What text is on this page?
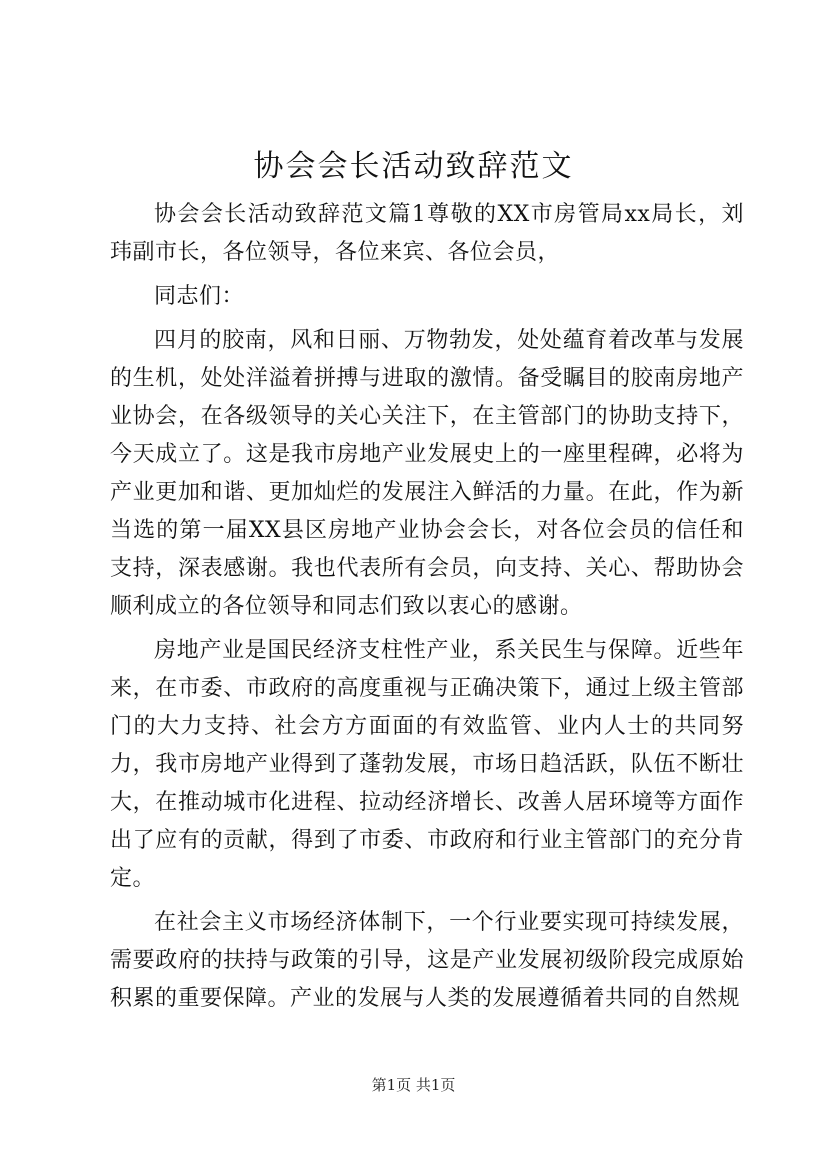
协会会长活动致辞范文

协会会长活动致辞范文篇1尊敬的XX市房管局xx局长，刘玮副市长，各位领导，各位来宾、各位会员，

同志们：

四月的胶南，风和日丽、万物勃发，处处蕴育着改革与发展的生机，处处洋溢着拼搏与进取的激情。备受瞩目的胶南房地产业协会，在各级领导的关心关注下，在主管部门的协助支持下，今天成立了。这是我市房地产业发展史上的一座里程碑，必将为产业更加和谐、更加灿烂的发展注入鲜活的力量。在此，作为新当选的第一届XX县区房地产业协会会长，对各位会员的信任和支持，深表感谢。我也代表所有会员，向支持、关心、帮助协会顺利成立的各位领导和同志们致以衷心的感谢。

房地产业是国民经济支柱性产业，系关民生与保障。近些年来，在市委、市政府的高度重视与正确决策下，通过上级主管部门的大力支持、社会方方面面的有效监管、业内人士的共同努力，我市房地产业得到了蓬勃发展，市场日趋活跃，队伍不断壮大，在推动城市化进程、拉动经济增长、改善人居环境等方面作出了应有的贡献，得到了市委、市政府和行业主管部门的充分肯定。

在社会主义市场经济体制下，一个行业要实现可持续发展，需要政府的扶持与政策的引导，这是产业发展初级阶段完成原始积累的重要保障。产业的发展与人类的发展遵循着共同的自然规

第1页 共1页
